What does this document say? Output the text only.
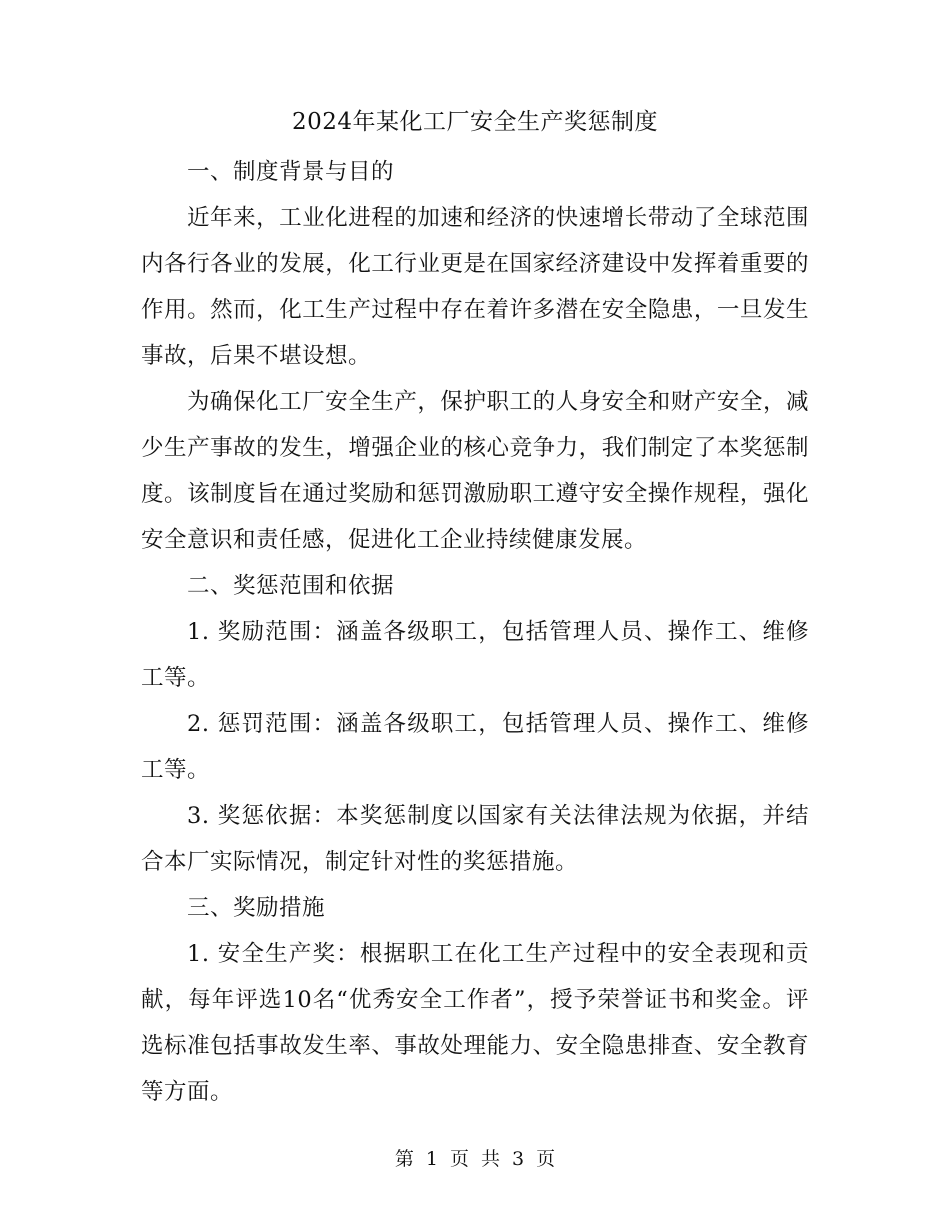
2024年某化工厂安全生产奖惩制度

一、制度背景与目的

近年来，工业化进程的加速和经济的快速增长带动了全球范围内各行各业的发展，化工行业更是在国家经济建设中发挥着重要的作用。然而，化工生产过程中存在着许多潜在安全隐患，一旦发生事故，后果不堪设想。

为确保化工厂安全生产，保护职工的人身安全和财产安全，减少生产事故的发生，增强企业的核心竞争力，我们制定了本奖惩制度。该制度旨在通过奖励和惩罚激励职工遵守安全操作规程，强化安全意识和责任感，促进化工企业持续健康发展。

二、奖惩范围和依据

1. 奖励范围：涵盖各级职工，包括管理人员、操作工、维修工等。

2. 惩罚范围：涵盖各级职工，包括管理人员、操作工、维修工等。

3. 奖惩依据：本奖惩制度以国家有关法律法规为依据，并结合本厂实际情况，制定针对性的奖惩措施。

三、奖励措施

1. 安全生产奖：根据职工在化工生产过程中的安全表现和贡献，每年评选10名“优秀安全工作者”，授予荣誉证书和奖金。评选标准包括事故发生率、事故处理能力、安全隐患排查、安全教育等方面。

第 1 页 共 3 页
